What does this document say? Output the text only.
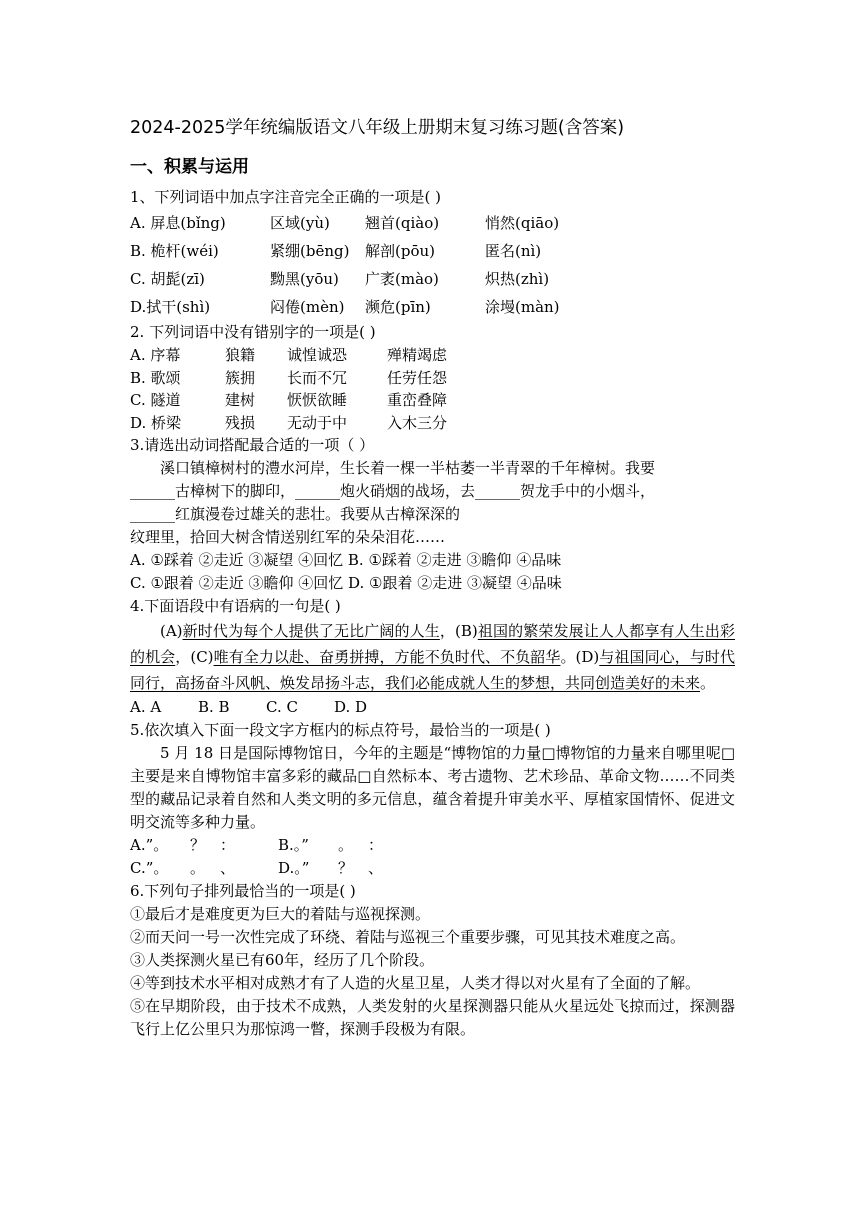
2024-2025学年统编版语文八年级上册期末复习练习题(含答案)
一、积累与运用

1、下列词语中加点字注音完全正确的一项是( )

A. 屏息(bǐng)	区域(yù)	翘首(qiào)	悄然(qiāo)
B. 桅杆(wéi)	紧绷(bēng)	解剖(pōu)	匿名(nì)
C. 胡髭(zī)	黝黑(yōu)	广袤(mào)	炽热(zhì)
D.拭干(shì)	闷倦(mèn)	濒危(pīn)	涂墁(màn)

2. 下列词语中没有错别字的一项是( )

A. 序幕	狼籍	诚惶诚恐	殚精竭虑
B. 歌颂	簇拥	长而不冗	任劳任怨
C. 隧道	建树	恹恹欲睡	重峦叠障
D. 桥梁	残损	无动于中	入木三分

3.请选出动词搭配最合适的一项（ ）

溪口镇樟树村的澧水河岸，生长着一棵一半枯萎一半青翠的千年樟树。我要

______古樟树下的脚印，______炮火硝烟的战场，去______贺龙手中的小烟斗，

______红旗漫卷过雄关的悲壮。我要从古樟深深的

纹理里，拾回大树含情送别红军的朵朵泪花……

A. ①踩着 ②走近 ③凝望 ④回忆 B. ①踩着 ②走进 ③瞻仰 ④品味

C. ①跟着 ②走近 ③瞻仰 ④回忆 D. ①跟着 ②走进 ③凝望 ④品味

4.下面语段中有语病的一句是( )

(A)新时代为每个人提供了无比广阔的人生，(B)祖国的繁荣发展让人人都享有人生出彩的机会，(C)唯有全力以赴、奋勇拼搏，方能不负时代、不负韶华。(D)与祖国同心，与时代同行，高扬奋斗风帆、焕发昂扬斗志，我们必能成就人生的梦想，共同创造美好的未来。

A. A	B. B	C. C	D. D

5.依次填入下面一段文字方框内的标点符号，最恰当的一项是( )

5 月 18 日是国际博物馆日，今年的主题是“博物馆的力量□博物馆的力量来自哪里呢□主要是来自博物馆丰富多彩的藏品□自然标本、考古遗物、艺术珍品、革命文物……不同类型的藏品记录着自然和人类文明的多元信息，蕴含着提升审美水平、厚植家国情怀、促进文明交流等多种力量。

A.”。 ？ ：	B.。” 。 ：

C.”。 。 、	D.。” ？ 、

6.下列句子排列最恰当的一项是( )

①最后才是难度更为巨大的着陆与巡视探测。

②而天问一号一次性完成了环绕、着陆与巡视三个重要步骤，可见其技术难度之高。

③人类探测火星已有60年，经历了几个阶段。

④等到技术水平相对成熟才有了人造的火星卫星，人类才得以对火星有了全面的了解。

⑤在早期阶段，由于技术不成熟，人类发射的火星探测器只能从火星远处飞掠而过，探测器飞行上亿公里只为那惊鸿一瞥，探测手段极为有限。
